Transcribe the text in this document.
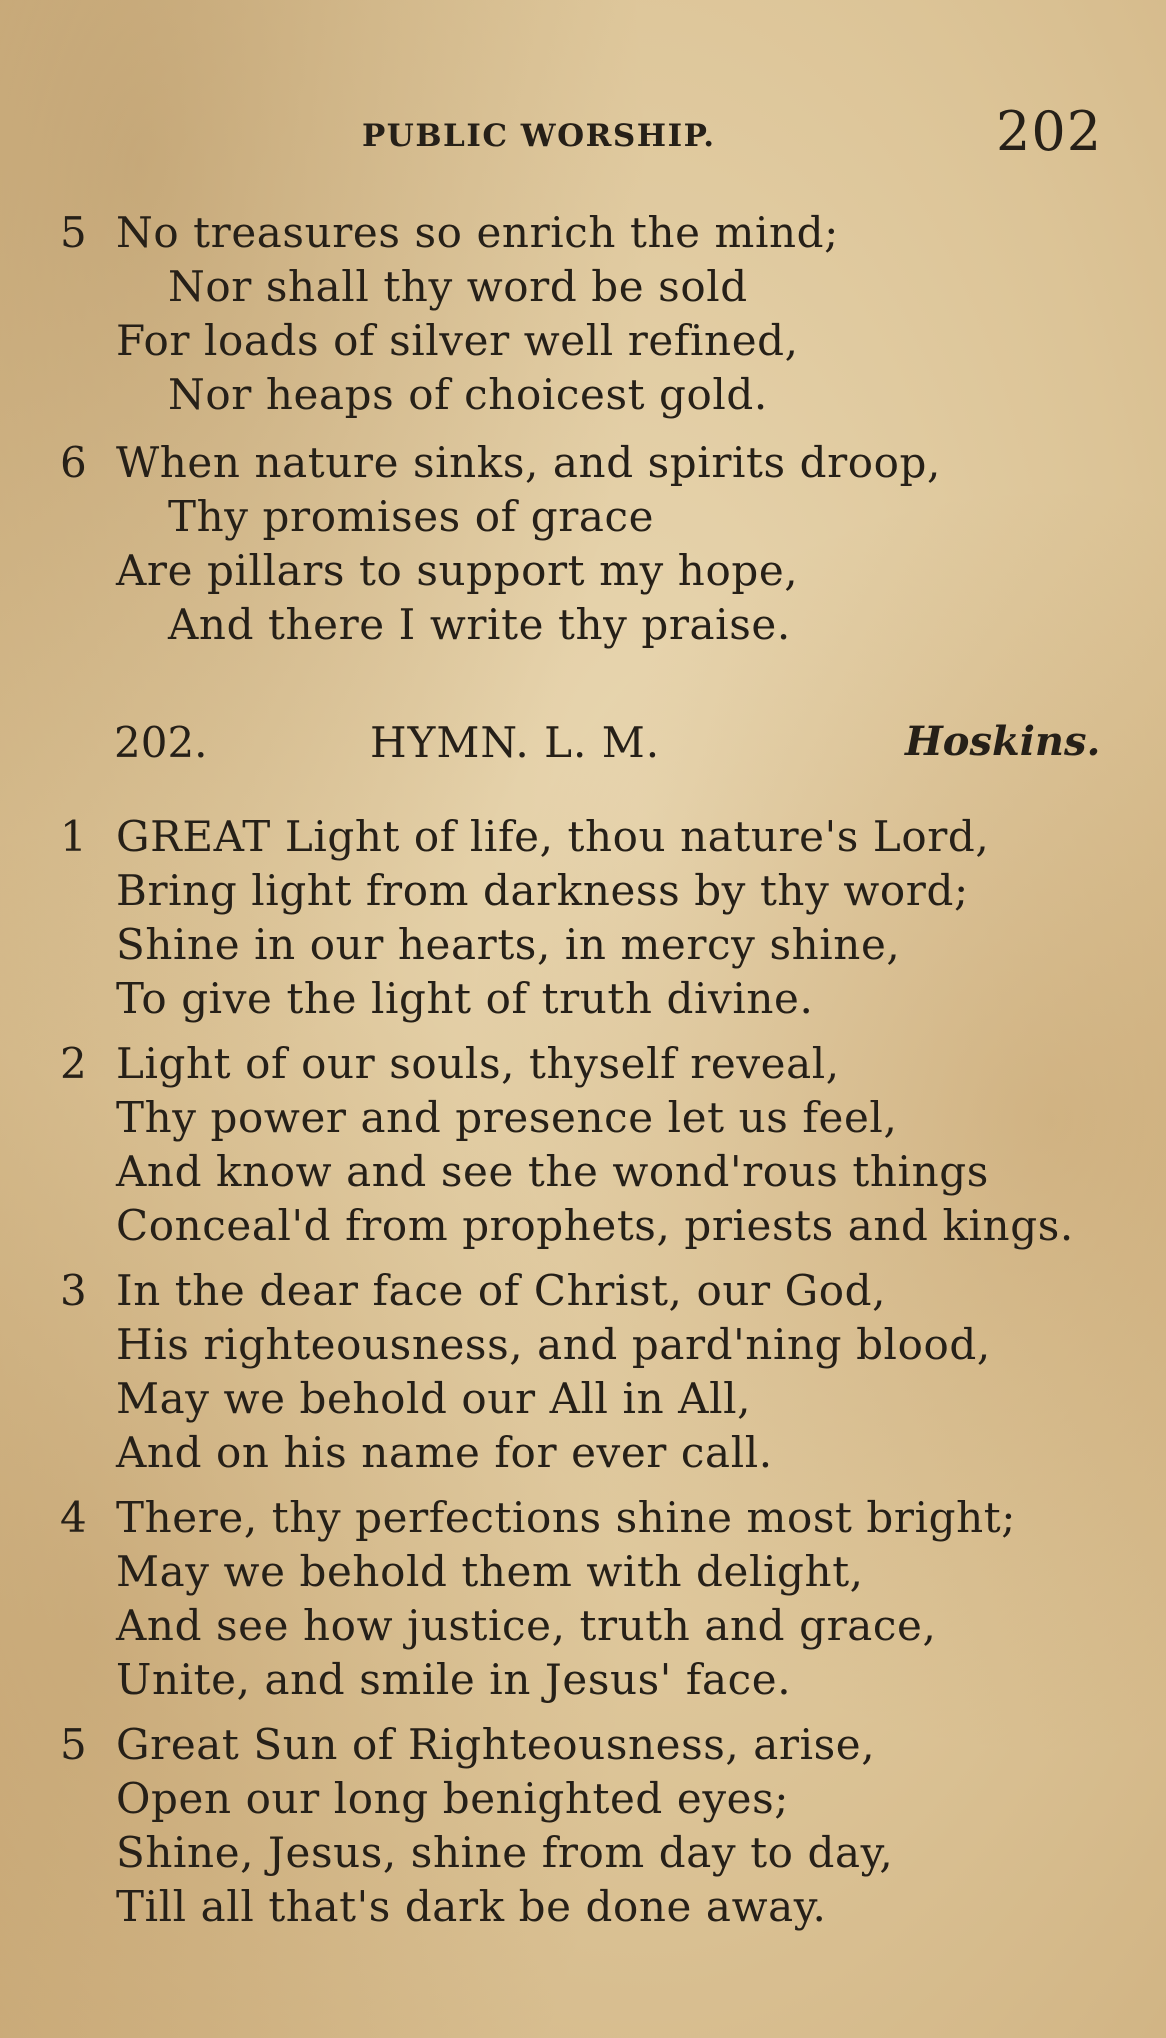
PUBLIC WORSHIP.	202
5 No treasures so enrich the mind;
Nor shall thy word be sold
For loads of silver well refined,
Nor heaps of choicest gold.
6 When nature sinks, and spirits droop,
Thy promises of grace
Are pillars to support my hope,
And there I write thy praise.
202.	HYMN. L. M.	Hoskins.
1 GREAT Light of life, thou nature's Lord,
Bring light from darkness by thy word;
Shine in our hearts, in mercy shine,
To give the light of truth divine.
2 Light of our souls, thyself reveal,
Thy power and presence let us feel,
And know and see the wond'rous things
Conceal'd from prophets, priests and kings.
3 In the dear face of Christ, our God,
His righteousness, and pard'ning blood,
May we behold our All in All,
And on his name for ever call.
4 There, thy perfections shine most bright;
May we behold them with delight,
And see how justice, truth and grace,
Unite, and smile in Jesus' face.
5 Great Sun of Righteousness, arise,
Open our long benighted eyes;
Shine, Jesus, shine from day to day,
Till all that's dark be done away.
